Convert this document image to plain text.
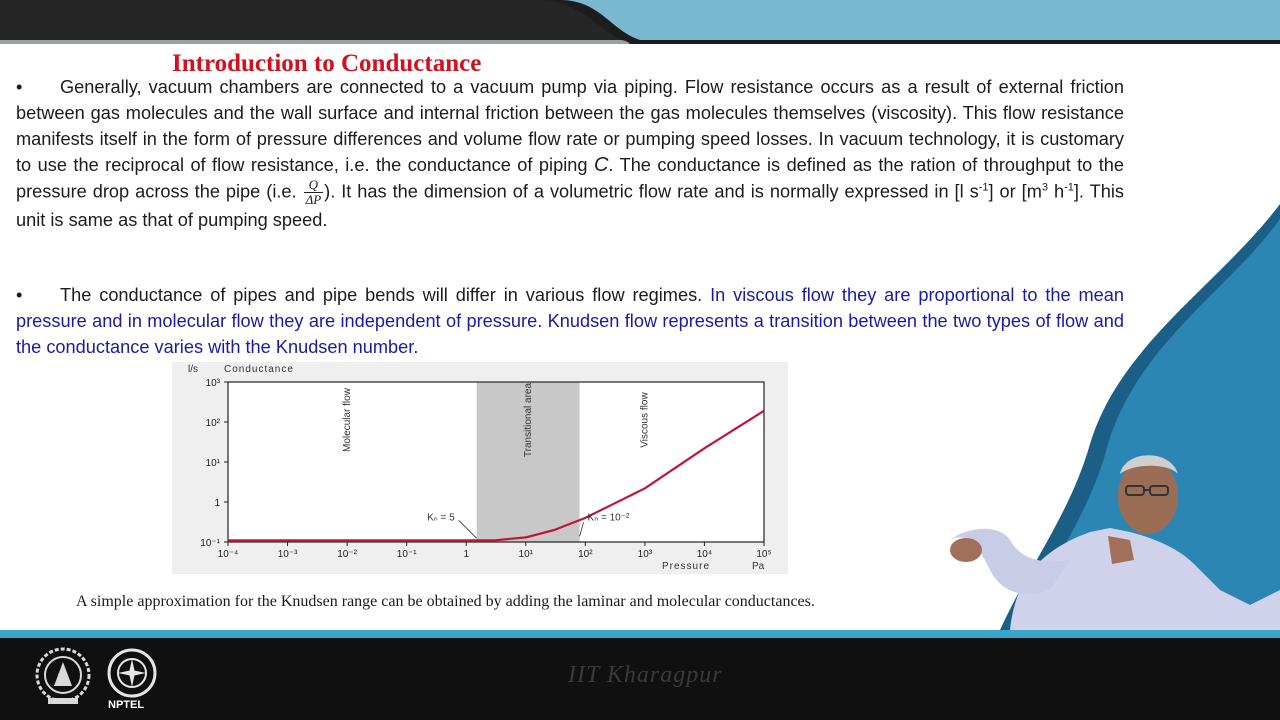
Introduction to Conductance
• Generally, vacuum chambers are connected to a vacuum pump via piping. Flow resistance occurs as a result of external friction between gas molecules and the wall surface and internal friction between the gas molecules themselves (viscosity). This flow resistance manifests itself in the form of pressure differences and volume flow rate or pumping speed losses. In vacuum technology, it is customary to use the reciprocal of flow resistance, i.e. the conductance of piping C. The conductance is defined as the ration of throughput to the pressure drop across the pipe (i.e. $\frac{Q}{\Delta P}$ ). It has the dimension of a volumetric flow rate and is normally expressed in [l $s^{-1}$] or [$m^3$ $h^{-1}$]. This unit is same as that of pumping speed.
• The conductance of pipes and pipe bends will differ in various flow regimes. In viscous flow they are proportional to the mean pressure and in molecular flow they are independent of pressure. Knudsen flow represents a transition between the two types of flow and the conductance varies with the Knudsen number.
10⁻¹
1
10¹
10²
10³
10⁻⁴	10⁻³	10⁻²	10⁻¹	1	10¹	10²	10³	10⁴	10⁵
l/s	Conductance
Pressure	Pa
Molecular flow	Transitional area	Viscous flow
Kₙ = 5	Kₙ = 10⁻²
A simple approximation for the Knudsen range can be obtained by adding the laminar and molecular conductances.
NPTEL
IIT Kharagpur
